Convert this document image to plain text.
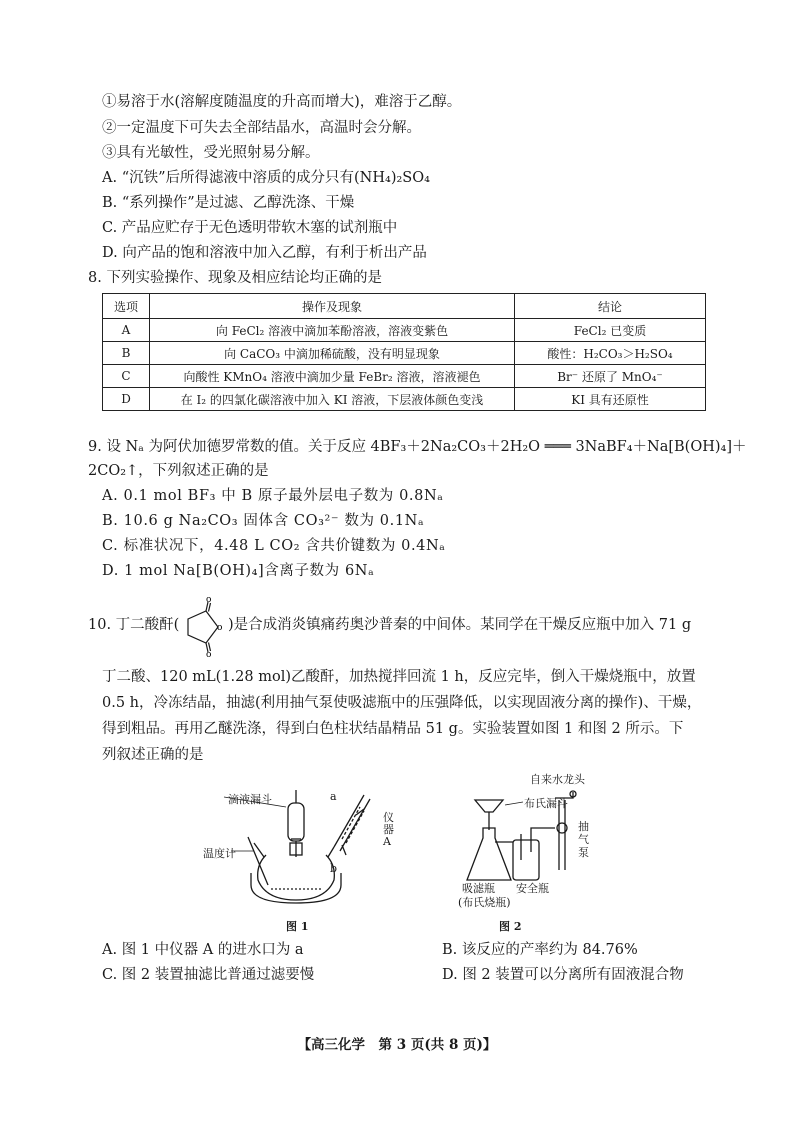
①易溶于水(溶解度随温度的升高而增大)，难溶于乙醇。
②一定温度下可失去全部结晶水，高温时会分解。
③具有光敏性，受光照射易分解。
A. “沉铁”后所得滤液中溶质的成分只有(NH₄)₂SO₄
B. “系列操作”是过滤、乙醇洗涤、干燥
C. 产品应贮存于无色透明带软木塞的试剂瓶中
D. 向产品的饱和溶液中加入乙醇，有利于析出产品
8. 下列实验操作、现象及相应结论均正确的是
选项	操作及现象	结论
A	向 FeCl₂ 溶液中滴加苯酚溶液，溶液变紫色	FeCl₂ 已变质
B	向 CaCO₃ 中滴加稀硫酸，没有明显现象	酸性：H₂CO₃＞H₂SO₄
C	向酸性 KMnO₄ 溶液中滴加少量 FeBr₂ 溶液，溶液褪色	Br⁻ 还原了 MnO₄⁻
D	在 I₂ 的四氯化碳溶液中加入 KI 溶液，下层液体颜色变浅	KI 具有还原性
9. 设 Nₐ 为阿伏加德罗常数的值。关于反应 4BF₃＋2Na₂CO₃＋2H₂O ═══ 3NaBF₄＋Na[B(OH)₄]＋
2CO₂↑，下列叙述正确的是
A. 0.1 mol BF₃ 中 B 原子最外层电子数为 0.8Nₐ
B. 10.6 g Na₂CO₃ 固体含 CO₃²⁻ 数为 0.1Nₐ
C. 标准状况下，4.48 L CO₂ 含共价键数为 0.4Nₐ
D. 1 mol Na[B(OH)₄]含离子数为 6Nₐ
10. 丁二酸酐(
o
o
o )是合成消炎镇痛药奥沙普秦的中间体。某同学在干燥反应瓶中加入 71 g
丁二酸、120 mL(1.28 mol)乙酸酐，加热搅拌回流 1 h，反应完毕，倒入干燥烧瓶中，放置
0.5 h，冷冻结晶，抽滤(利用抽气泵使吸滤瓶中的压强降低，以实现固液分离的操作)、干燥，
得到粗品。再用乙醚洗涤，得到白色柱状结晶精品 51 g。实验装置如图 1 和图 2 所示。下
列叙述正确的是
滴液漏斗
温度计
a
b
仪器A
图 1
自来水龙头
布氏漏斗
抽气泵
吸滤瓶
(布氏烧瓶)
安全瓶
图 2
A. 图 1 中仪器 A 的进水口为 a	B. 该反应的产率约为 84.76%
C. 图 2 装置抽滤比普通过滤要慢	D. 图 2 装置可以分离所有固液混合物
【高三化学　第 3 页(共 8 页)】
